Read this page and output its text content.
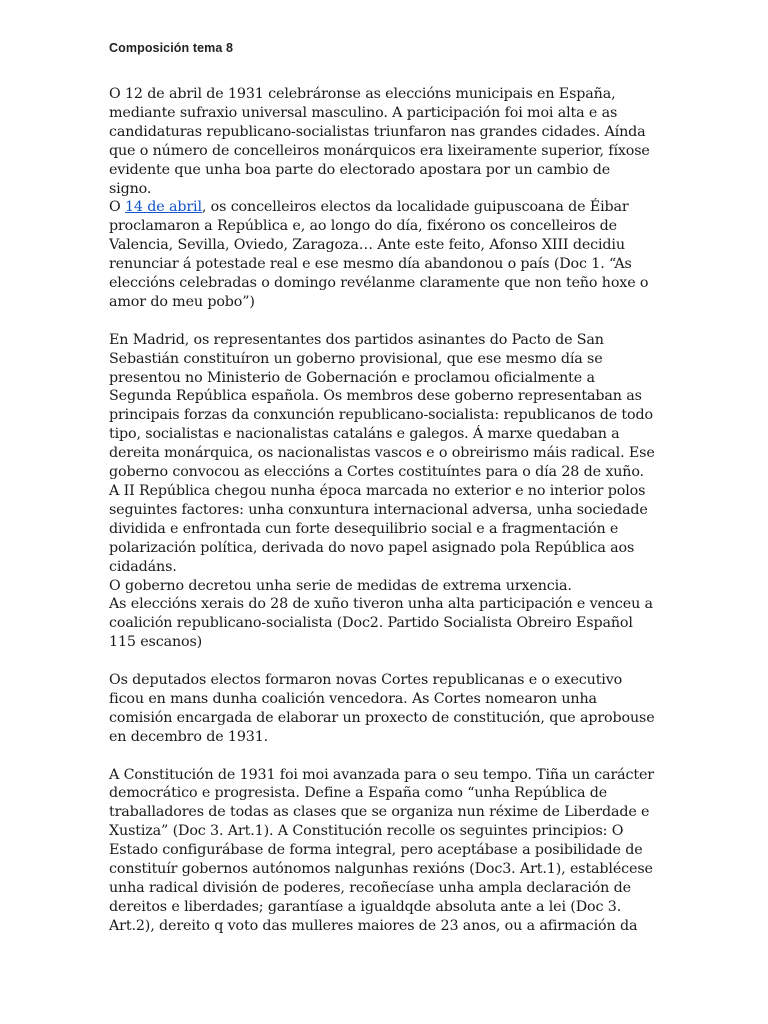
Composición tema 8
O 12 de abril de 1931 celebráronse as eleccións municipais en España,
mediante sufraxio universal masculino. A participación foi moi alta e as
candidaturas republicano-socialistas triunfaron nas grandes cidades. Aínda
que o número de concelleiros monárquicos era lixeiramente superior, fíxose
evidente que unha boa parte do electorado apostara por un cambio de
signo.
O 14 de abril, os concelleiros electos da localidade guipuscoana de Éibar
proclamaron a República e, ao longo do día, fixérono os concelleiros de
Valencia, Sevilla, Oviedo, Zaragoza… Ante este feito, Afonso XIII decidiu
renunciar á potestade real e ese mesmo día abandonou o país (Doc 1. “As
eleccións celebradas o domingo revélanme claramente que non teño hoxe o
amor do meu pobo”)
En Madrid, os representantes dos partidos asinantes do Pacto de San
Sebastián constituíron un goberno provisional, que ese mesmo día se
presentou no Ministerio de Gobernación e proclamou oficialmente a
Segunda República española. Os membros dese goberno representaban as
principais forzas da conxunción republicano-socialista: republicanos de todo
tipo, socialistas e nacionalistas cataláns e galegos. Á marxe quedaban a
dereita monárquica, os nacionalistas vascos e o obreirismo máis radical. Ese
goberno convocou as eleccións a Cortes costituíntes para o día 28 de xuño.
A II República chegou nunha época marcada no exterior e no interior polos
seguintes factores: unha conxuntura internacional adversa, unha sociedade
dividida e enfrontada cun forte desequilibrio social e a fragmentación e
polarización política, derivada do novo papel asignado pola República aos
cidadáns.
O goberno decretou unha serie de medidas de extrema urxencia.
As eleccións xerais do 28 de xuño tiveron unha alta participación e venceu a
coalición republicano-socialista (Doc2. Partido Socialista Obreiro Español
115 escanos)
Os deputados electos formaron novas Cortes republicanas e o executivo
ficou en mans dunha coalición vencedora. As Cortes nomearon unha
comisión encargada de elaborar un proxecto de constitución, que aprobouse
en decembro de 1931.
A Constitución de 1931 foi moi avanzada para o seu tempo. Tiña un carácter
democrático e progresista. Define a España como “unha República de
traballadores de todas as clases que se organiza nun réxime de Liberdade e
Xustiza” (Doc 3. Art.1). A Constitución recolle os seguintes principios: O
Estado configurábase de forma integral, pero aceptábase a posibilidade de
constituír gobernos autónomos nalgunhas rexións (Doc3. Art.1), establécese
unha radical división de poderes, recoñecíase unha ampla declaración de
dereitos e liberdades; garantíase a igualdqde absoluta ante a lei (Doc 3.
Art.2), dereito q voto das mulleres maiores de 23 anos, ou a afirmación da
